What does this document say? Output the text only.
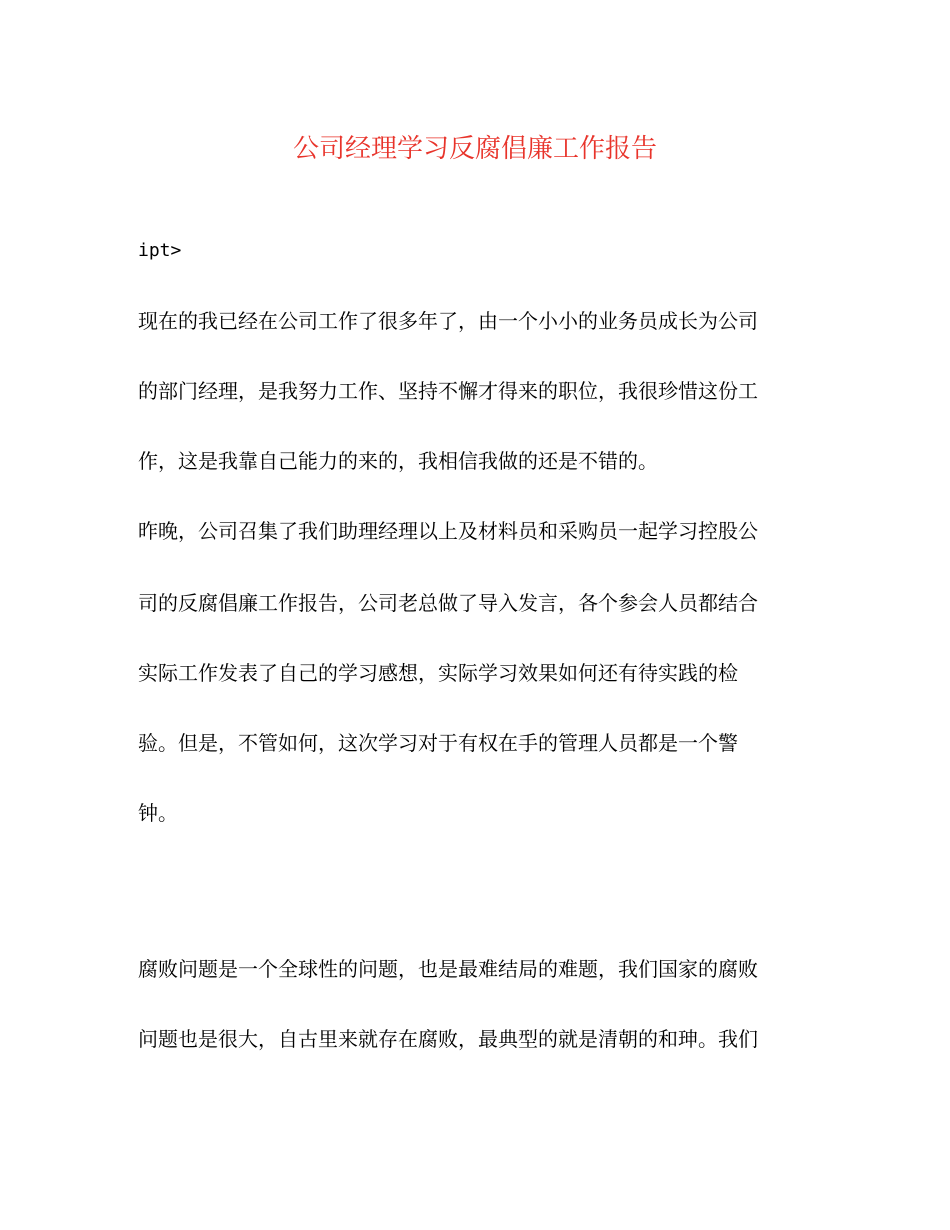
公司经理学习反腐倡廉工作报告
ipt>
现在的我已经在公司工作了很多年了，由一个小小的业务员成长为公司
的部门经理，是我努力工作、坚持不懈才得来的职位，我很珍惜这份工
作，这是我靠自己能力的来的，我相信我做的还是不错的。
昨晚，公司召集了我们助理经理以上及材料员和采购员一起学习控股公
司的反腐倡廉工作报告，公司老总做了导入发言，各个参会人员都结合
实际工作发表了自己的学习感想，实际学习效果如何还有待实践的检
验。但是，不管如何，这次学习对于有权在手的管理人员都是一个警
钟。
腐败问题是一个全球性的问题，也是最难结局的难题，我们国家的腐败
问题也是很大，自古里来就存在腐败，最典型的就是清朝的和珅。我们
